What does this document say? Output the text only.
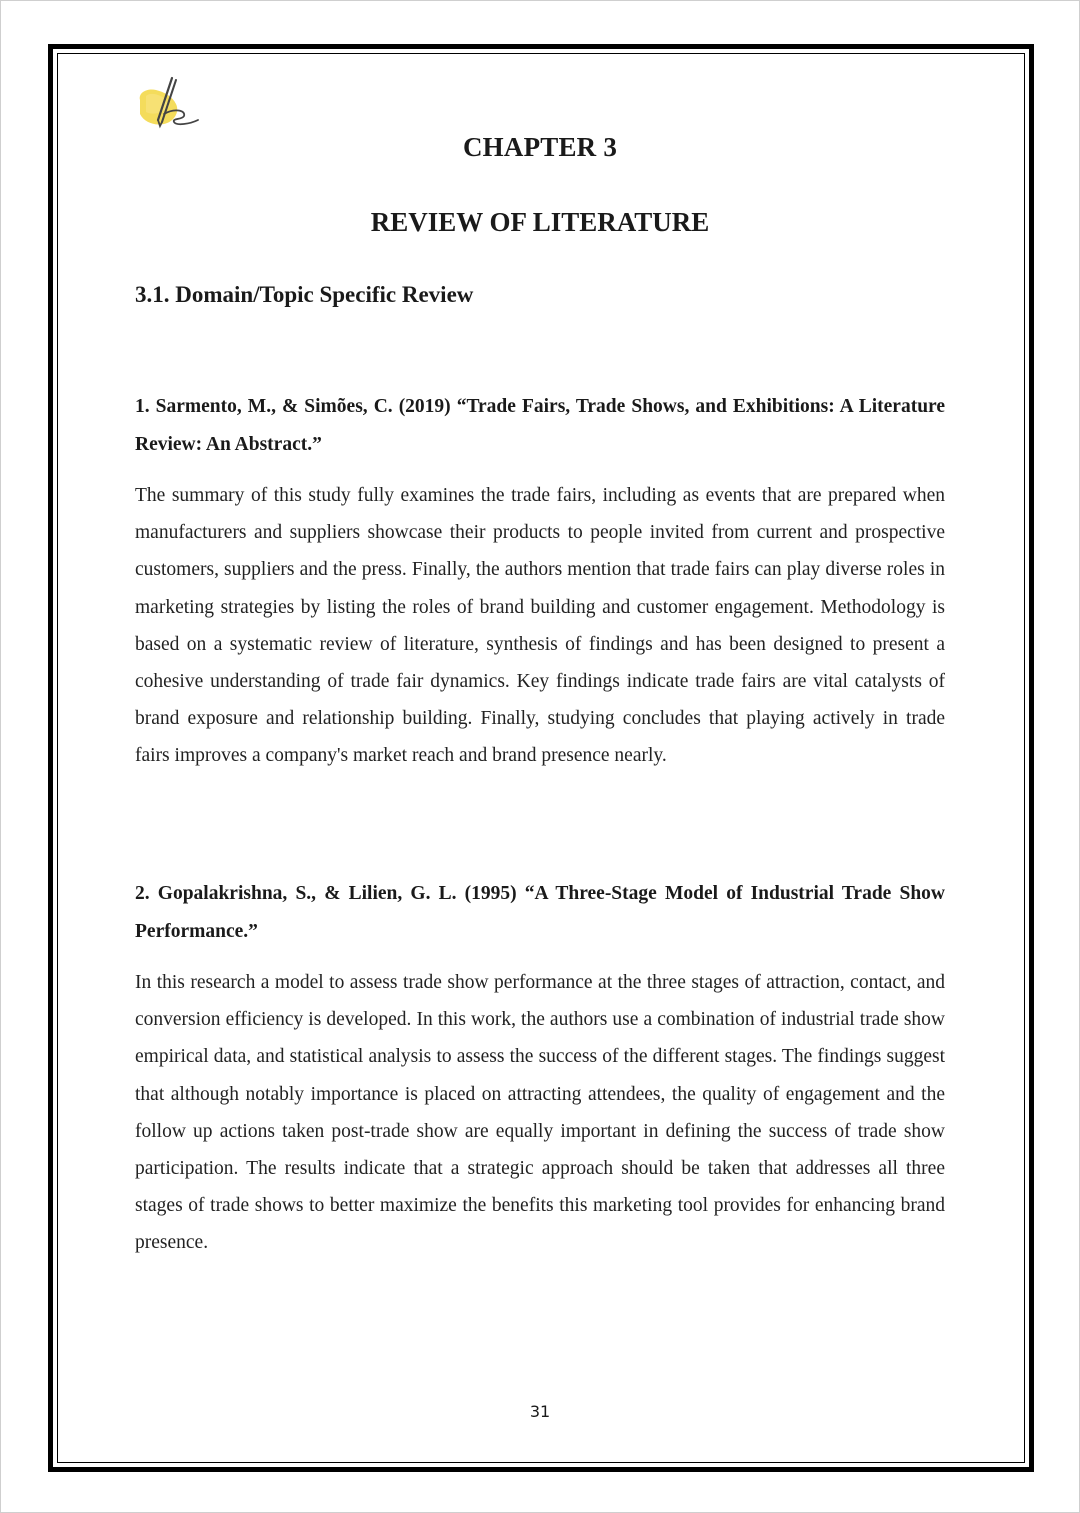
CHAPTER 3
REVIEW OF LITERATURE
3.1. Domain/Topic Specific Review

1. Sarmento, M., & Simões, C. (2019) “Trade Fairs, Trade Shows, and Exhibitions: A Literature Review: An Abstract.”

The summary of this study fully examines the trade fairs, including as events that are prepared when manufacturers and suppliers showcase their products to people invited from current and prospective customers, suppliers and the press. Finally, the authors mention that trade fairs can play diverse roles in marketing strategies by listing the roles of brand building and customer engagement. Methodology is based on a systematic review of literature, synthesis of findings and has been designed to present a cohesive understanding of trade fair dynamics. Key findings indicate trade fairs are vital catalysts of brand exposure and relationship building. Finally, studying concludes that playing actively in trade fairs improves a company's market reach and brand presence nearly.

2. Gopalakrishna, S., & Lilien, G. L. (1995) “A Three-Stage Model of Industrial Trade Show Performance.”

In this research a model to assess trade show performance at the three stages of attraction, contact, and conversion efficiency is developed. In this work, the authors use a combination of industrial trade show empirical data, and statistical analysis to assess the success of the different stages. The findings suggest that although notably importance is placed on attracting attendees, the quality of engagement and the follow up actions taken post-trade show are equally important in defining the success of trade show participation. The results indicate that a strategic approach should be taken that addresses all three stages of trade shows to better maximize the benefits this marketing tool provides for enhancing brand presence.

31
